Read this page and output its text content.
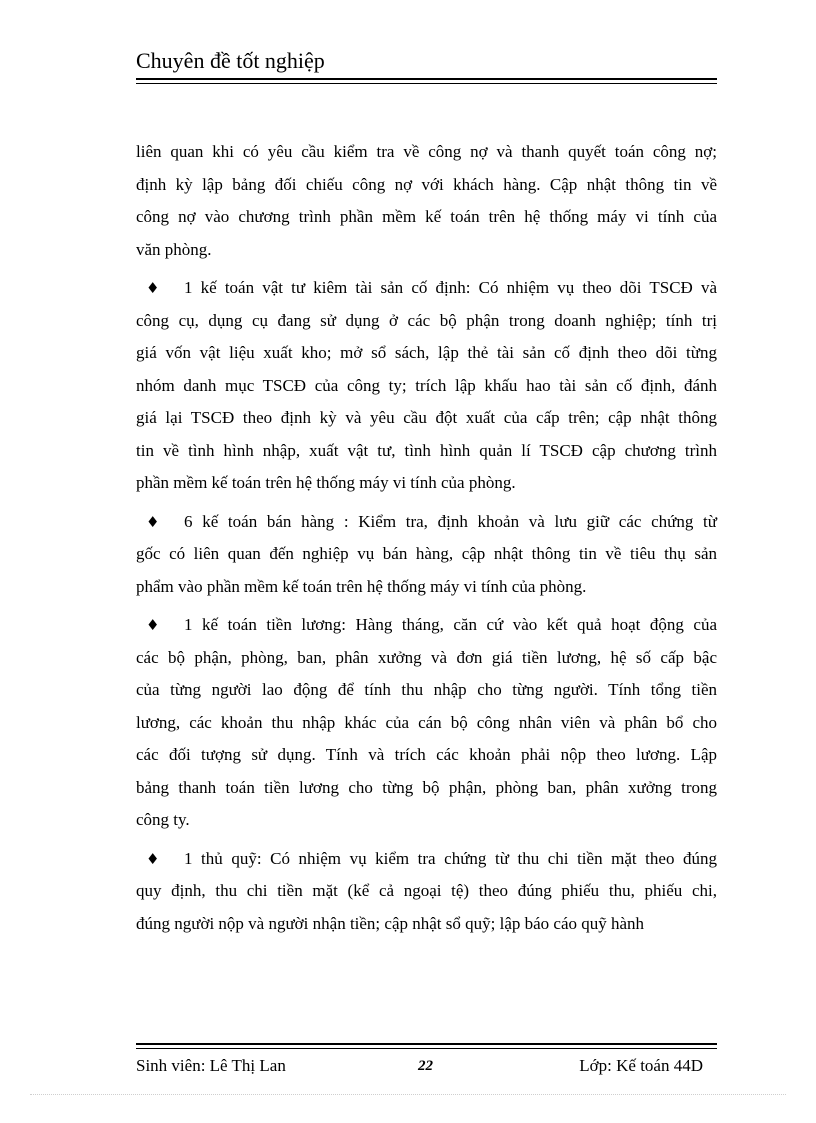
Chuyên đề tốt nghiệp
liên quan khi có yêu cầu kiểm tra về công nợ và thanh quyết toán công nợ;
định kỳ lập bảng đối chiếu công nợ với khách hàng. Cập nhật thông tin về
công nợ vào chương trình phần mềm kế toán trên hệ thống máy vi tính của
văn phòng.
♦ 1 kế toán vật tư kiêm tài sản cố định: Có nhiệm vụ theo dõi TSCĐ và
công cụ, dụng cụ đang sử dụng ở các bộ phận trong doanh nghiệp; tính trị
giá vốn vật liệu xuất kho; mở sổ sách, lập thẻ tài sản cố định theo dõi từng
nhóm danh mục TSCĐ của công ty; trích lập khấu hao tài sản cố định, đánh
giá lại TSCĐ theo định kỳ và yêu cầu đột xuất của cấp trên; cập nhật thông
tin về tình hình nhập, xuất vật tư, tình hình quản lí TSCĐ cập chương trình
phần mềm kế toán trên hệ thống máy vi tính của phòng.
♦ 6 kế toán bán hàng : Kiểm tra, định khoản và lưu giữ các chứng từ
gốc có liên quan đến nghiệp vụ bán hàng, cập nhật thông tin về tiêu thụ sản
phẩm vào phần mềm kế toán trên hệ thống máy vi tính của phòng.
♦ 1 kế toán tiền lương: Hàng tháng, căn cứ vào kết quả hoạt động của
các bộ phận, phòng, ban, phân xưởng và đơn giá tiền lương, hệ số cấp bậc
của từng người lao động để tính thu nhập cho từng người. Tính tổng tiền
lương, các khoản thu nhập khác của cán bộ công nhân viên và phân bổ cho
các đối tượng sử dụng. Tính và trích các khoản phải nộp theo lương. Lập
bảng thanh toán tiền lương cho từng bộ phận, phòng ban, phân xưởng trong
công ty.
♦ 1 thủ quỹ: Có nhiệm vụ kiểm tra chứng từ thu chi tiền mặt theo đúng
quy định, thu chi tiền mặt (kể cả ngoại tệ) theo đúng phiếu thu, phiếu chi,
đúng người nộp và người nhận tiền; cập nhật sổ quỹ; lập báo cáo quỹ hành
Sinh viên: Lê Thị Lan	22	Lớp: Kế toán 44D
